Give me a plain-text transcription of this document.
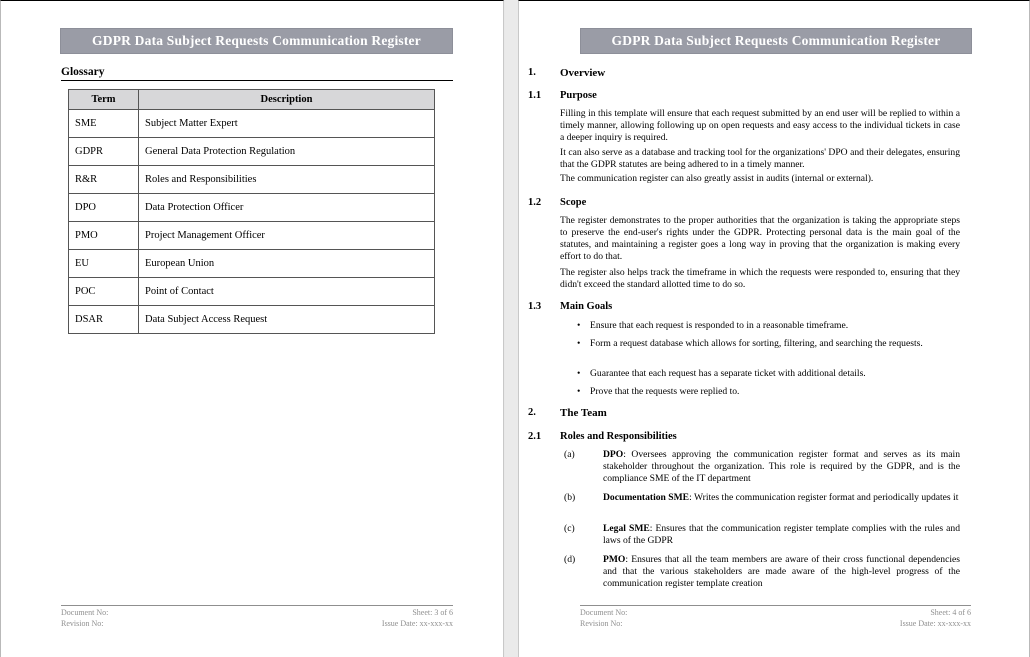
GDPR Data Subject Requests Communication Register
Glossary
Term	Description
SME	Subject Matter Expert
GDPR	General Data Protection Regulation
R&R	Roles and Responsibilities
DPO	Data Protection Officer
PMO	Project Management Officer
EU	European Union
POC	Point of Contact
DSAR	Data Subject Access Request
Document No:	Sheet: 3 of 6
Revision No:	Issue Date: xx-xxx-xx
GDPR Data Subject Requests Communication Register
1.	Overview
1.1	Purpose
Filling in this template will ensure that each request submitted by an end user will be replied to within a timely manner, allowing following up on open requests and easy access to the individual tickets in case a deeper inquiry is required.
It can also serve as a database and tracking tool for the organizations' DPO and their delegates, ensuring that the GDPR statutes are being adhered to in a timely manner.
The communication register can also greatly assist in audits (internal or external).
1.2	Scope
The register demonstrates to the proper authorities that the organization is taking the appropriate steps to preserve the end-user's rights under the GDPR. Protecting personal data is the main goal of the statutes, and maintaining a register goes a long way in proving that the organization is making every effort to do that.
The register also helps track the timeframe in which the requests were responded to, ensuring that they didn't exceed the standard allotted time to do so.
1.3	Main Goals
• Ensure that each request is responded to in a reasonable timeframe.
• Form a request database which allows for sorting, filtering, and searching the requests.
• Guarantee that each request has a separate ticket with additional details.
• Prove that the requests were replied to.
2.	The Team
2.1	Roles and Responsibilities
(a)	DPO: Oversees approving the communication register format and serves as its main stakeholder throughout the organization. This role is required by the GDPR, and is the compliance SME of the IT department
(b)	Documentation SME: Writes the communication register format and periodically updates it
(c)	Legal SME: Ensures that the communication register template complies with the rules and laws of the GDPR
(d)	PMO: Ensures that all the team members are aware of their cross functional dependencies and that the various stakeholders are made aware of the high-level progress of the communication register template creation
Document No:	Sheet: 4 of 6
Revision No:	Issue Date: xx-xxx-xx
